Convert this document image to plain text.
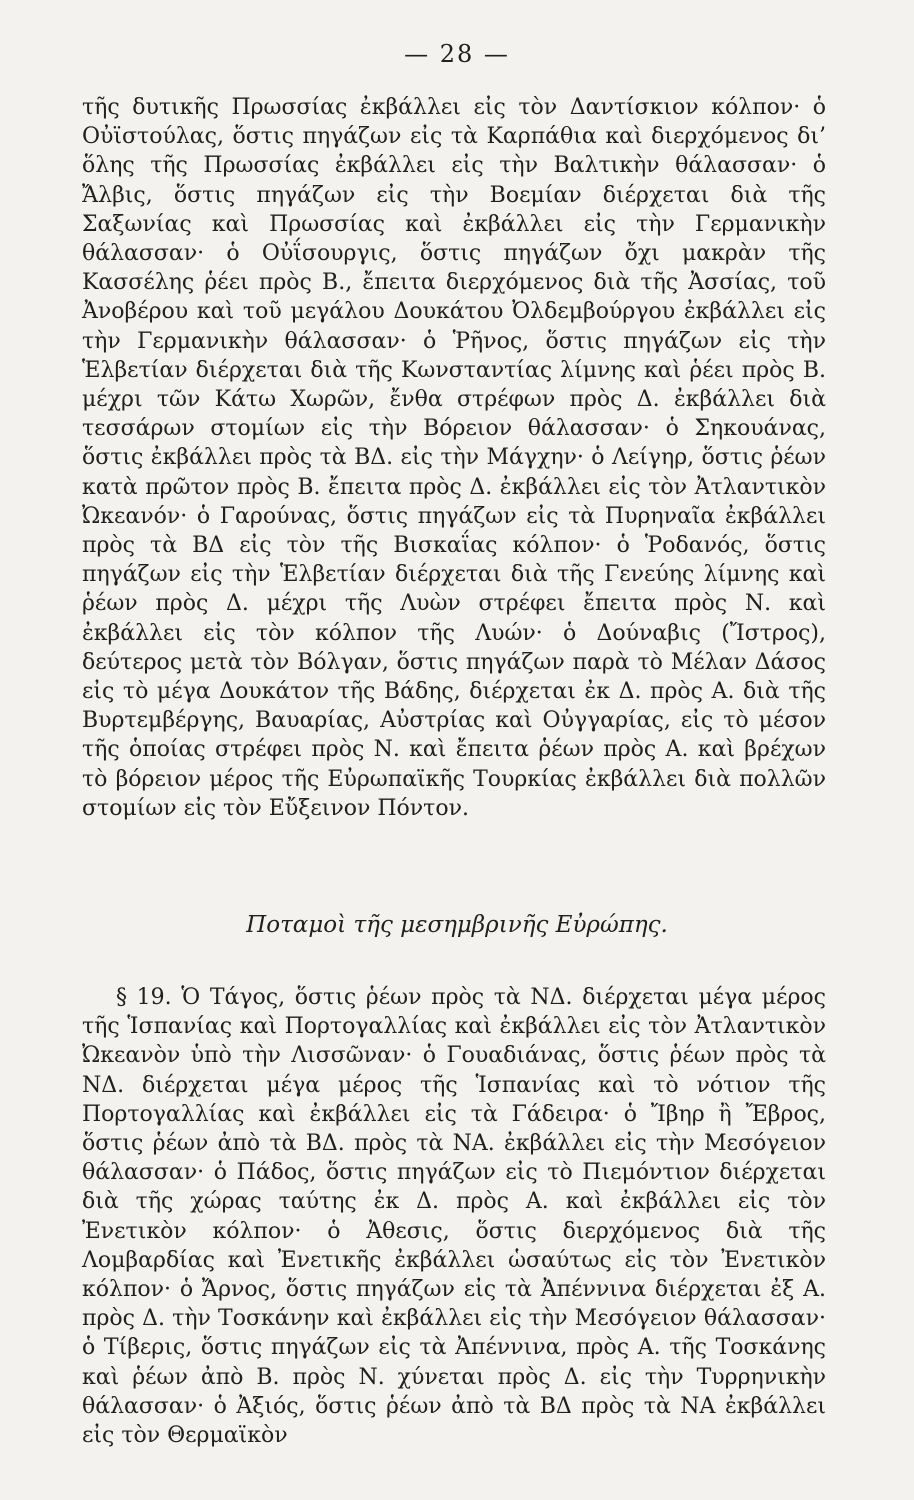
— 28 —
τῆς δυτικῆς Πρωσσίας ἐκβάλλει εἰς τὸν Δαντίσκιον κόλπον· ὁ Οὐϊστούλας, ὅστις πηγάζων εἰς τὰ Καρπάθια καὶ διερχόμενος δι’ ὅλης τῆς Πρωσσίας ἐκβάλλει εἰς τὴν Βαλτικὴν θάλασσαν· ὁ Ἄλβις, ὅστις πηγάζων εἰς τὴν Βοεμίαν διέρχεται διὰ τῆς Σαξωνίας καὶ Πρωσσίας καὶ ἐκβάλλει εἰς τὴν Γερμανικὴν θάλασσαν· ὁ Οὐΐσουργις, ὅστις πηγάζων ὄχι μακρὰν τῆς Κασσέλης ῥέει πρὸς Β., ἔπειτα διερχόμενος διὰ τῆς Ἀσσίας, τοῦ Ἀνοβέρου καὶ τοῦ μεγάλου Δουκάτου Ὀλδεμβούργου ἐκβάλλει εἰς τὴν Γερμανικὴν θάλασσαν· ὁ Ῥῆνος, ὅστις πηγάζων εἰς τὴν Ἑλβετίαν διέρχεται διὰ τῆς Κωνσταντίας λίμνης καὶ ῥέει πρὸς Β. μέχρι τῶν Κάτω Χωρῶν, ἔνθα στρέφων πρὸς Δ. ἐκβάλλει διὰ τεσσάρων στομίων εἰς τὴν Βόρειον θάλασσαν· ὁ Σηκουάνας, ὅστις ἐκβάλλει πρὸς τὰ ΒΔ. εἰς τὴν Μάγχην· ὁ Λείγηρ, ὅστις ῥέων κατὰ πρῶτον πρὸς Β. ἔπειτα πρὸς Δ. ἐκβάλλει εἰς τὸν Ἀτλαντικὸν Ὠκεανόν· ὁ Γαρούνας, ὅστις πηγάζων εἰς τὰ Πυρηναῖα ἐκβάλλει πρὸς τὰ ΒΔ εἰς τὸν τῆς Βισκαΐας κόλπον· ὁ Ῥοδανός, ὅστις πηγάζων εἰς τὴν Ἑλβετίαν διέρχεται διὰ τῆς Γενεύης λίμνης καὶ ῥέων πρὸς Δ. μέχρι τῆς Λυὼν στρέφει ἔπειτα πρὸς Ν. καὶ ἐκβάλλει εἰς τὸν κόλπον τῆς Λυών· ὁ Δούναβις (Ἴστρος), δεύτερος μετὰ τὸν Βόλγαν, ὅστις πηγάζων παρὰ τὸ Μέλαν Δάσος εἰς τὸ μέγα Δουκάτον τῆς Βάδης, διέρχεται ἐκ Δ. πρὸς Α. διὰ τῆς Βυρτεμβέργης, Βαυαρίας, Αὐστρίας καὶ Οὐγγαρίας, εἰς τὸ μέσον τῆς ὁποίας στρέφει πρὸς Ν. καὶ ἔπειτα ῥέων πρὸς Α. καὶ βρέχων τὸ βόρειον μέρος τῆς Εὐρωπαϊκῆς Τουρκίας ἐκβάλλει διὰ πολλῶν στομίων εἰς τὸν Εὔξεινον Πόντον.
Ποταμοὶ τῆς μεσημβρινῆς Εὐρώπης.
§ 19. Ὁ Τάγος, ὅστις ῥέων πρὸς τὰ ΝΔ. διέρχεται μέγα μέρος τῆς Ἱσπανίας καὶ Πορτογαλλίας καὶ ἐκβάλλει εἰς τὸν Ἀτλαντικὸν Ὠκεανὸν ὑπὸ τὴν Λισσῶναν· ὁ Γουαδιάνας, ὅστις ῥέων πρὸς τὰ ΝΔ. διέρχεται μέγα μέρος τῆς Ἱσπανίας καὶ τὸ νότιον τῆς Πορτογαλλίας καὶ ἐκβάλλει εἰς τὰ Γάδειρα· ὁ Ἴβηρ ἢ Ἔβρος, ὅστις ῥέων ἀπὸ τὰ ΒΔ. πρὸς τὰ ΝΑ. ἐκβάλλει εἰς τὴν Μεσόγειον θάλασσαν· ὁ Πάδος, ὅστις πηγάζων εἰς τὸ Πιεμόντιον διέρχεται διὰ τῆς χώρας ταύτης ἐκ Δ. πρὸς Α. καὶ ἐκβάλλει εἰς τὸν Ἐνετικὸν κόλπον· ὁ Ἀθεσις, ὅστις διερχόμενος διὰ τῆς Λομβαρδίας καὶ Ἐνετικῆς ἐκβάλλει ὡσαύτως εἰς τὸν Ἐνετικὸν κόλπον· ὁ Ἄρνος, ὅστις πηγάζων εἰς τὰ Ἀπέννινα διέρχεται ἐξ Α. πρὸς Δ. τὴν Τοσκάνην καὶ ἐκβάλλει εἰς τὴν Μεσόγειον θάλασσαν· ὁ Τίβερις, ὅστις πηγάζων εἰς τὰ Ἀπέννινα, πρὸς Α. τῆς Τοσκάνης καὶ ῥέων ἀπὸ Β. πρὸς Ν. χύνεται πρὸς Δ. εἰς τὴν Τυρρηνικὴν θάλασσαν· ὁ Ἀξιός, ὅστις ῥέων ἀπὸ τὰ ΒΔ πρὸς τὰ ΝΑ ἐκβάλλει εἰς τὸν Θερμαϊκὸν
